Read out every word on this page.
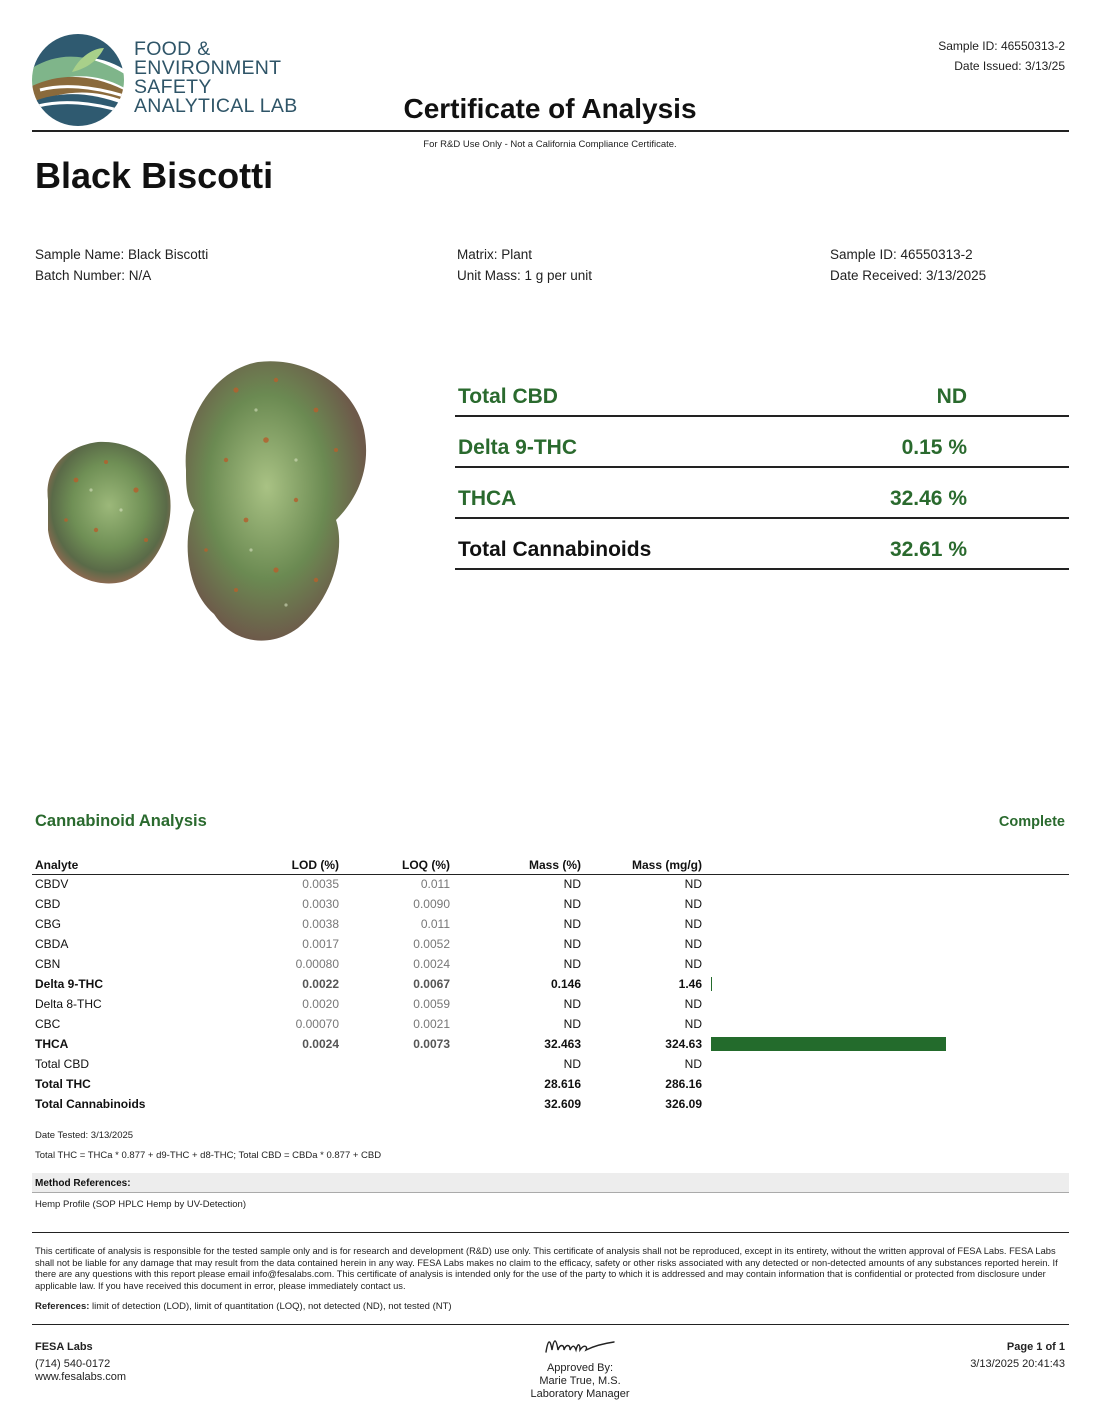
FOOD &
ENVIRONMENT
SAFETY
ANALYTICAL LAB
Sample ID: 46550313-2
Date Issued: 3/13/25
Certificate of Analysis
For R&D Use Only - Not a California Compliance Certificate.
Black Biscotti
Sample Name: Black Biscotti
Batch Number: N/A
Matrix: Plant
Unit Mass: 1 g per unit
Sample ID: 46550313-2
Date Received: 3/13/2025
Total CBD	ND
Delta 9-THC	0.15 %
THCA	32.46 %
Total Cannabinoids	32.61 %
Cannabinoid Analysis	Complete
Analyte	LOD (%)	LOQ (%)	Mass (%)	Mass (mg/g)	
CBDV	0.0035	0.011	ND	ND	
CBD	0.0030	0.0090	ND	ND	
CBG	0.0038	0.011	ND	ND	
CBDA	0.0017	0.0052	ND	ND	
CBN	0.00080	0.0024	ND	ND	
Delta 9-THC	0.0022	0.0067	0.146	1.46	
Delta 8-THC	0.0020	0.0059	ND	ND	
CBC	0.00070	0.0021	ND	ND	
THCA	0.0024	0.0073	32.463	324.63	
Total CBD			ND	ND	
Total THC			28.616	286.16	
Total Cannabinoids			32.609	326.09	
Date Tested: 3/13/2025
Total THC = THCa * 0.877 + d9-THC + d8-THC; Total CBD = CBDa * 0.877 + CBD
Method References:
Hemp Profile (SOP HPLC Hemp by UV-Detection)
This certificate of analysis is responsible for the tested sample only and is for research and development (R&D) use only. This certificate of analysis shall not be reproduced, except in its entirety, without the written approval of FESA Labs. FESA Labs shall not be liable for any damage that may result from the data contained herein in any way. FESA Labs makes no claim to the efficacy, safety or other risks associated with any detected or non-detected amounts of any substances reported herein. If there are any questions with this report please email info@fesalabs.com. This certificate of analysis is intended only for the use of the party to which it is addressed and may contain information that is confidential or protected from disclosure under applicable law. If you have received this document in error, please immediately contact us.
References: limit of detection (LOD), limit of quantitation (LOQ), not detected (ND), not tested (NT)
FESA Labs
(714) 540-0172
www.fesalabs.com
Approved By:
Marie True, M.S.
Laboratory Manager
Page 1 of 1
3/13/2025 20:41:43
